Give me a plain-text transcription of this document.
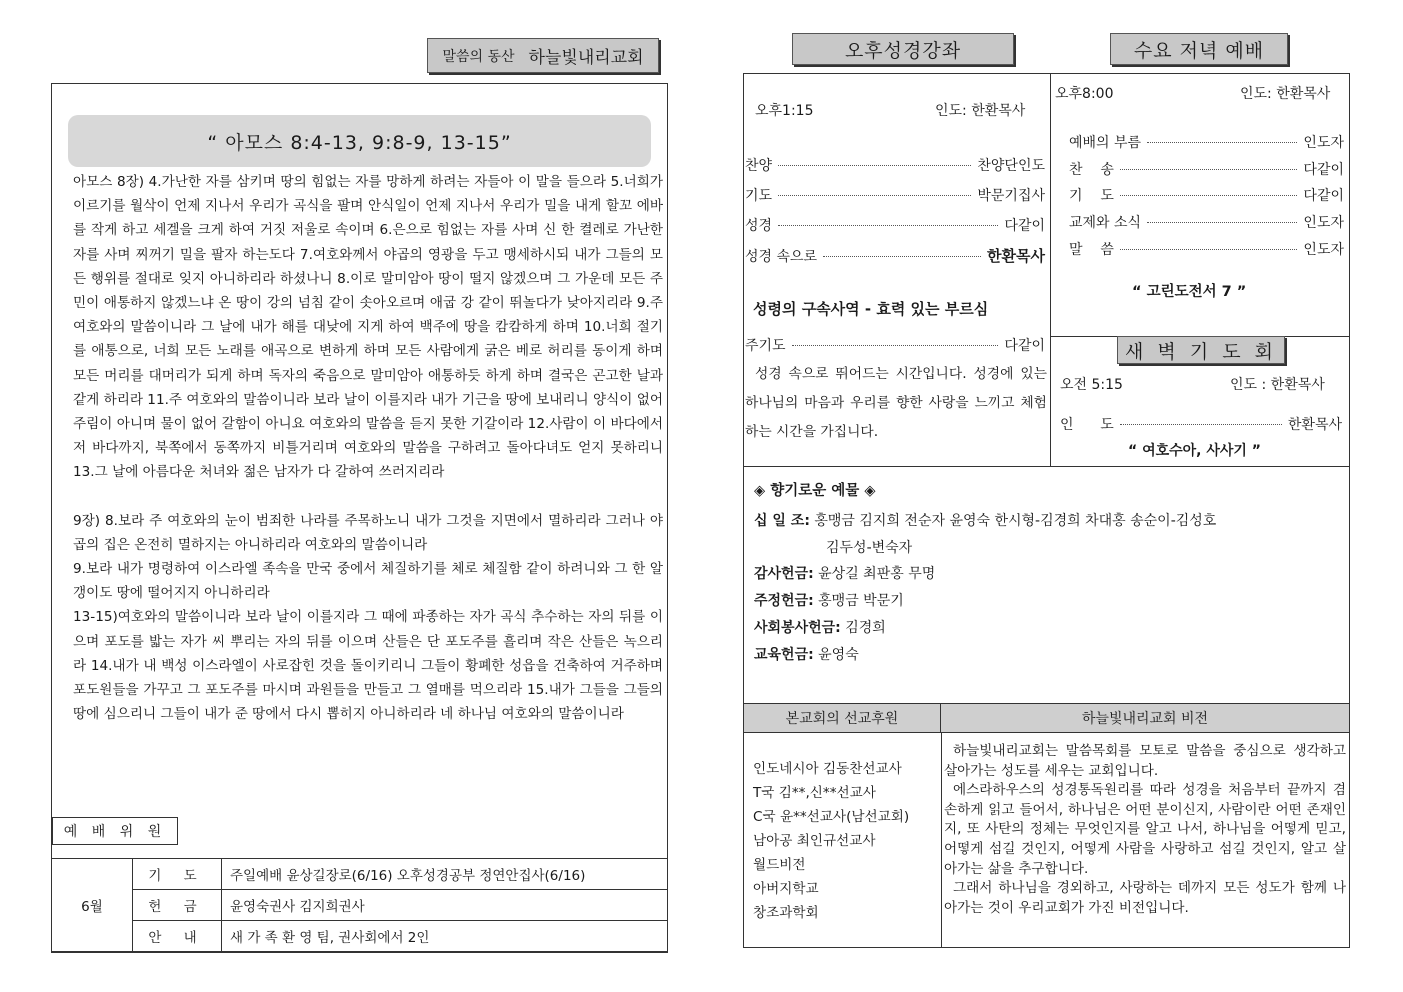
말씀의 동산 하늘빛내리교회
“ 아모스 8:4-13, 9:8-9, 13-15”

아모스 8장) 4.가난한 자를 삼키며 땅의 힘없는 자를 망하게 하려는 자들아 이 말을 들으라 5.너희가 이르기를 월삭이 언제 지나서 우리가 곡식을 팔며 안식일이 언제 지나서 우리가 밀을 내게 할꼬 에바를 작게 하고 세겔을 크게 하여 거짓 저울로 속이며 6.은으로 힘없는 자를 사며 신 한 켤레로 가난한 자를 사며 찌꺼기 밀을 팔자 하는도다 7.여호와께서 야곱의 영광을 두고 맹세하시되 내가 그들의 모든 행위를 절대로 잊지 아니하리라 하셨나니 8.이로 말미암아 땅이 떨지 않겠으며 그 가운데 모든 주민이 애통하지 않겠느냐 온 땅이 강의 넘침 같이 솟아오르며 애굽 강 같이 뛰놀다가 낮아지리라 9.주 여호와의 말씀이니라 그 날에 내가 해를 대낮에 지게 하여 백주에 땅을 캄캄하게 하며 10.너희 절기를 애통으로, 너희 모든 노래를 애곡으로 변하게 하며 모든 사람에게 굵은 베로 허리를 동이게 하며 모든 머리를 대머리가 되게 하며 독자의 죽음으로 말미암아 애통하듯 하게 하며 결국은 곤고한 날과 같게 하리라 11.주 여호와의 말씀이니라 보라 날이 이를지라 내가 기근을 땅에 보내리니 양식이 없어 주림이 아니며 물이 없어 갈함이 아니요 여호와의 말씀을 듣지 못한 기갈이라 12.사람이 이 바다에서 저 바다까지, 북쪽에서 동쪽까지 비틀거리며 여호와의 말씀을 구하려고 돌아다녀도 얻지 못하리니 13.그 날에 아름다운 처녀와 젊은 남자가 다 갈하여 쓰러지리라

9장) 8.보라 주 여호와의 눈이 범죄한 나라를 주목하노니 내가 그것을 지면에서 멸하리라 그러나 야곱의 집은 온전히 멸하지는 아니하리라 여호와의 말씀이니라

9.보라 내가 명령하여 이스라엘 족속을 만국 중에서 체질하기를 체로 체질함 같이 하려니와 그 한 알갱이도 땅에 떨어지지 아니하리라

13-15)여호와의 말씀이니라 보라 날이 이를지라 그 때에 파종하는 자가 곡식 추수하는 자의 뒤를 이으며 포도를 밟는 자가 씨 뿌리는 자의 뒤를 이으며 산들은 단 포도주를 흘리며 작은 산들은 녹으리라 14.내가 내 백성 이스라엘이 사로잡힌 것을 돌이키리니 그들이 황폐한 성읍을 건축하여 거주하며 포도원들을 가꾸고 그 포도주를 마시며 과원들을 만들고 그 열매를 먹으리라 15.내가 그들을 그들의 땅에 심으리니 그들이 내가 준 땅에서 다시 뽑히지 아니하리라 네 하나님 여호와의 말씀이니라

예 배 위 원
6월	기 도	주일예배 윤상길장로(6/16) 오후성경공부 정연안집사(6/16)
	헌 금	윤영숙권사 김지희권사
	안 내	새 가 족 환 영 팀, 권사회에서 2인
오후성경강좌	수요 저녁 예배
오후1:15	인도: 한환목사
찬양	찬양단인도
기도	박문기집사
성경	다같이
성경 속으로	한환목사
성령의 구속사역 - 효력 있는 부르심
주기도	다같이
성경 속으로 뛰어드는 시간입니다. 성경에 있는 하나님의 마음과 우리를 향한 사랑을 느끼고 체험하는 시간을 가집니다.
오후8:00	인도: 한환목사
예배의 부름	인도자
찬    송	다같이
기    도	다같이
교제와 소식	인도자
말    씀	인도자
“ 고린도전서 7 ”
새 벽 기 도 회
오전 5:15	인도 : 한환목사
인      도	한환목사
“ 여호수아, 사사기 ”
◈ 향기로운 예물 ◈
십 일 조: 홍맹금 김지희 전순자 윤영숙 한시형-김경희 차대홍 송순이-김성호
김두성-변숙자
감사헌금: 윤상길 최판홍 무명
주정헌금: 홍맹금 박문기
사회봉사헌금: 김경희
교육헌금: 윤영숙
본교회의 선교후원	하늘빛내리교회 비전
인도네시아 김동찬선교사
T국 김**,신**선교사
C국 윤**선교사(남선교회)
남아공 최인규선교사
월드비전
아버지학교
창조과학회

하늘빛내리교회는 말씀목회를 모토로 말씀을 중심으로 생각하고 살아가는 성도를 세우는 교회입니다.

에스라하우스의 성경통독원리를 따라 성경을 처음부터 끝까지 겸손하게 읽고 들어서, 하나님은 어떤 분이신지, 사람이란 어떤 존재인지, 또 사탄의 정체는 무엇인지를 알고 나서, 하나님을 어떻게 믿고, 어떻게 섬길 것인지, 어떻게 사람을 사랑하고 섬길 것인지, 알고 살아가는 삶을 추구합니다.

그래서 하나님을 경외하고, 사랑하는 데까지 모든 성도가 함께 나아가는 것이 우리교회가 가진 비전입니다.
